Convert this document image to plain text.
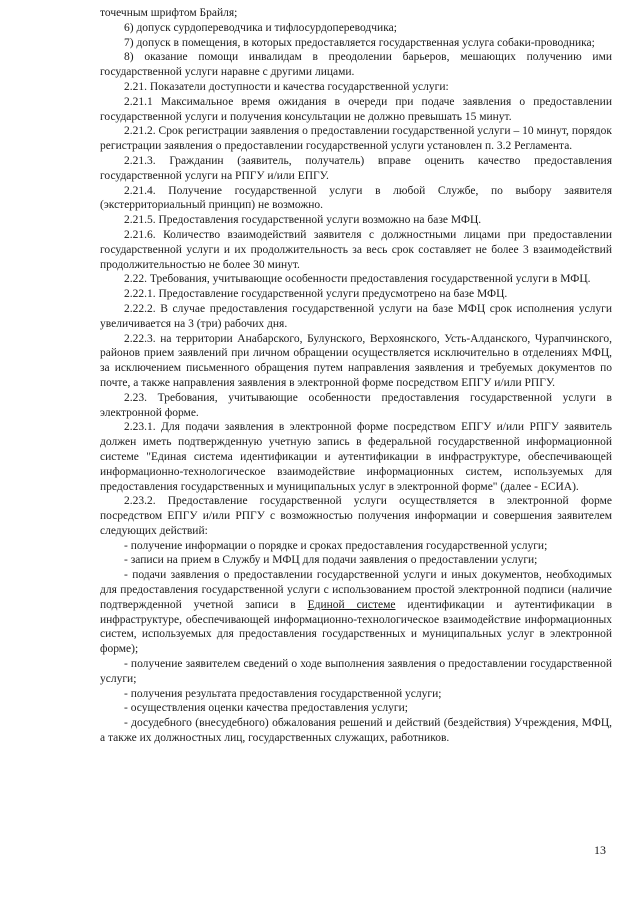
точечным шрифтом Брайля;

6) допуск сурдопереводчика и тифлосурдопереводчика;

7) допуск в помещения, в которых предоставляется государственная услуга собаки-проводника;

8) оказание помощи инвалидам в преодолении барьеров, мешающих получению ими государственной услуги наравне с другими лицами.

2.21. Показатели доступности и качества государственной услуги:

2.21.1 Максимальное время ожидания в очереди при подаче заявления о предоставлении государственной услуги и получения консультации не должно превышать 15 минут.

2.21.2. Срок регистрации заявления о предоставлении государственной услуги – 10 минут, порядок регистрации заявления о предоставлении государственной услуги установлен п. 3.2 Регламента.

2.21.3. Гражданин (заявитель, получатель) вправе оценить качество предоставления государственной услуги на РПГУ и/или ЕПГУ.

2.21.4. Получение государственной услуги в любой Службе, по выбору заявителя (экстерриториальный принцип) не возможно.

2.21.5. Предоставления государственной услуги возможно на базе МФЦ.

2.21.6. Количество взаимодействий заявителя с должностными лицами при предоставлении государственной услуги и их продолжительность за весь срок составляет не более 3 взаимодействий продолжительностью не более 30 минут.

2.22. Требования, учитывающие особенности предоставления государственной услуги в МФЦ.

2.22.1. Предоставление государственной услуги предусмотрено на базе МФЦ.

2.22.2. В случае предоставления государственной услуги на базе МФЦ срок исполнения услуги увеличивается на 3 (три) рабочих дня.

2.22.3. на территории Анабарского, Булунского, Верхоянского, Усть-Алданского, Чурапчинского, районов прием заявлений при личном обращении осуществляется исключительно в отделениях МФЦ, за исключением письменного обращения путем направления заявления и требуемых документов по почте, а также направления заявления в электронной форме посредством ЕПГУ и/или РПГУ.

2.23. Требования, учитывающие особенности предоставления государственной услуги в электронной форме.

2.23.1. Для подачи заявления в электронной форме посредством ЕПГУ и/или РПГУ заявитель должен иметь подтвержденную учетную запись в федеральной государственной информационной системе "Единая система идентификации и аутентификации в инфраструктуре, обеспечивающей информационно-технологическое взаимодействие информационных систем, используемых для предоставления государственных и муниципальных услуг в электронной форме" (далее - ЕСИА).

2.23.2. Предоставление государственной услуги осуществляется в электронной форме посредством ЕПГУ и/или РПГУ с возможностью получения информации и совершения заявителем следующих действий:

- получение информации о порядке и сроках предоставления государственной услуги;

- записи на прием в Службу и МФЦ для подачи заявления о предоставлении услуги;

- подачи заявления о предоставлении государственной услуги и иных документов, необходимых для предоставления государственной услуги с использованием простой электронной подписи (наличие подтвержденной учетной записи в Единой системе идентификации и аутентификации в инфраструктуре, обеспечивающей информационно-технологическое взаимодействие информационных систем, используемых для предоставления государственных и муниципальных услуг в электронной форме);

- получение заявителем сведений о ходе выполнения заявления о предоставлении государственной услуги;

- получения результата предоставления государственной услуги;

- осуществления оценки качества предоставления услуги;

- досудебного (внесудебного) обжалования решений и действий (бездействия) Учреждения, МФЦ, а также их должностных лиц, государственных служащих, работников.

13
